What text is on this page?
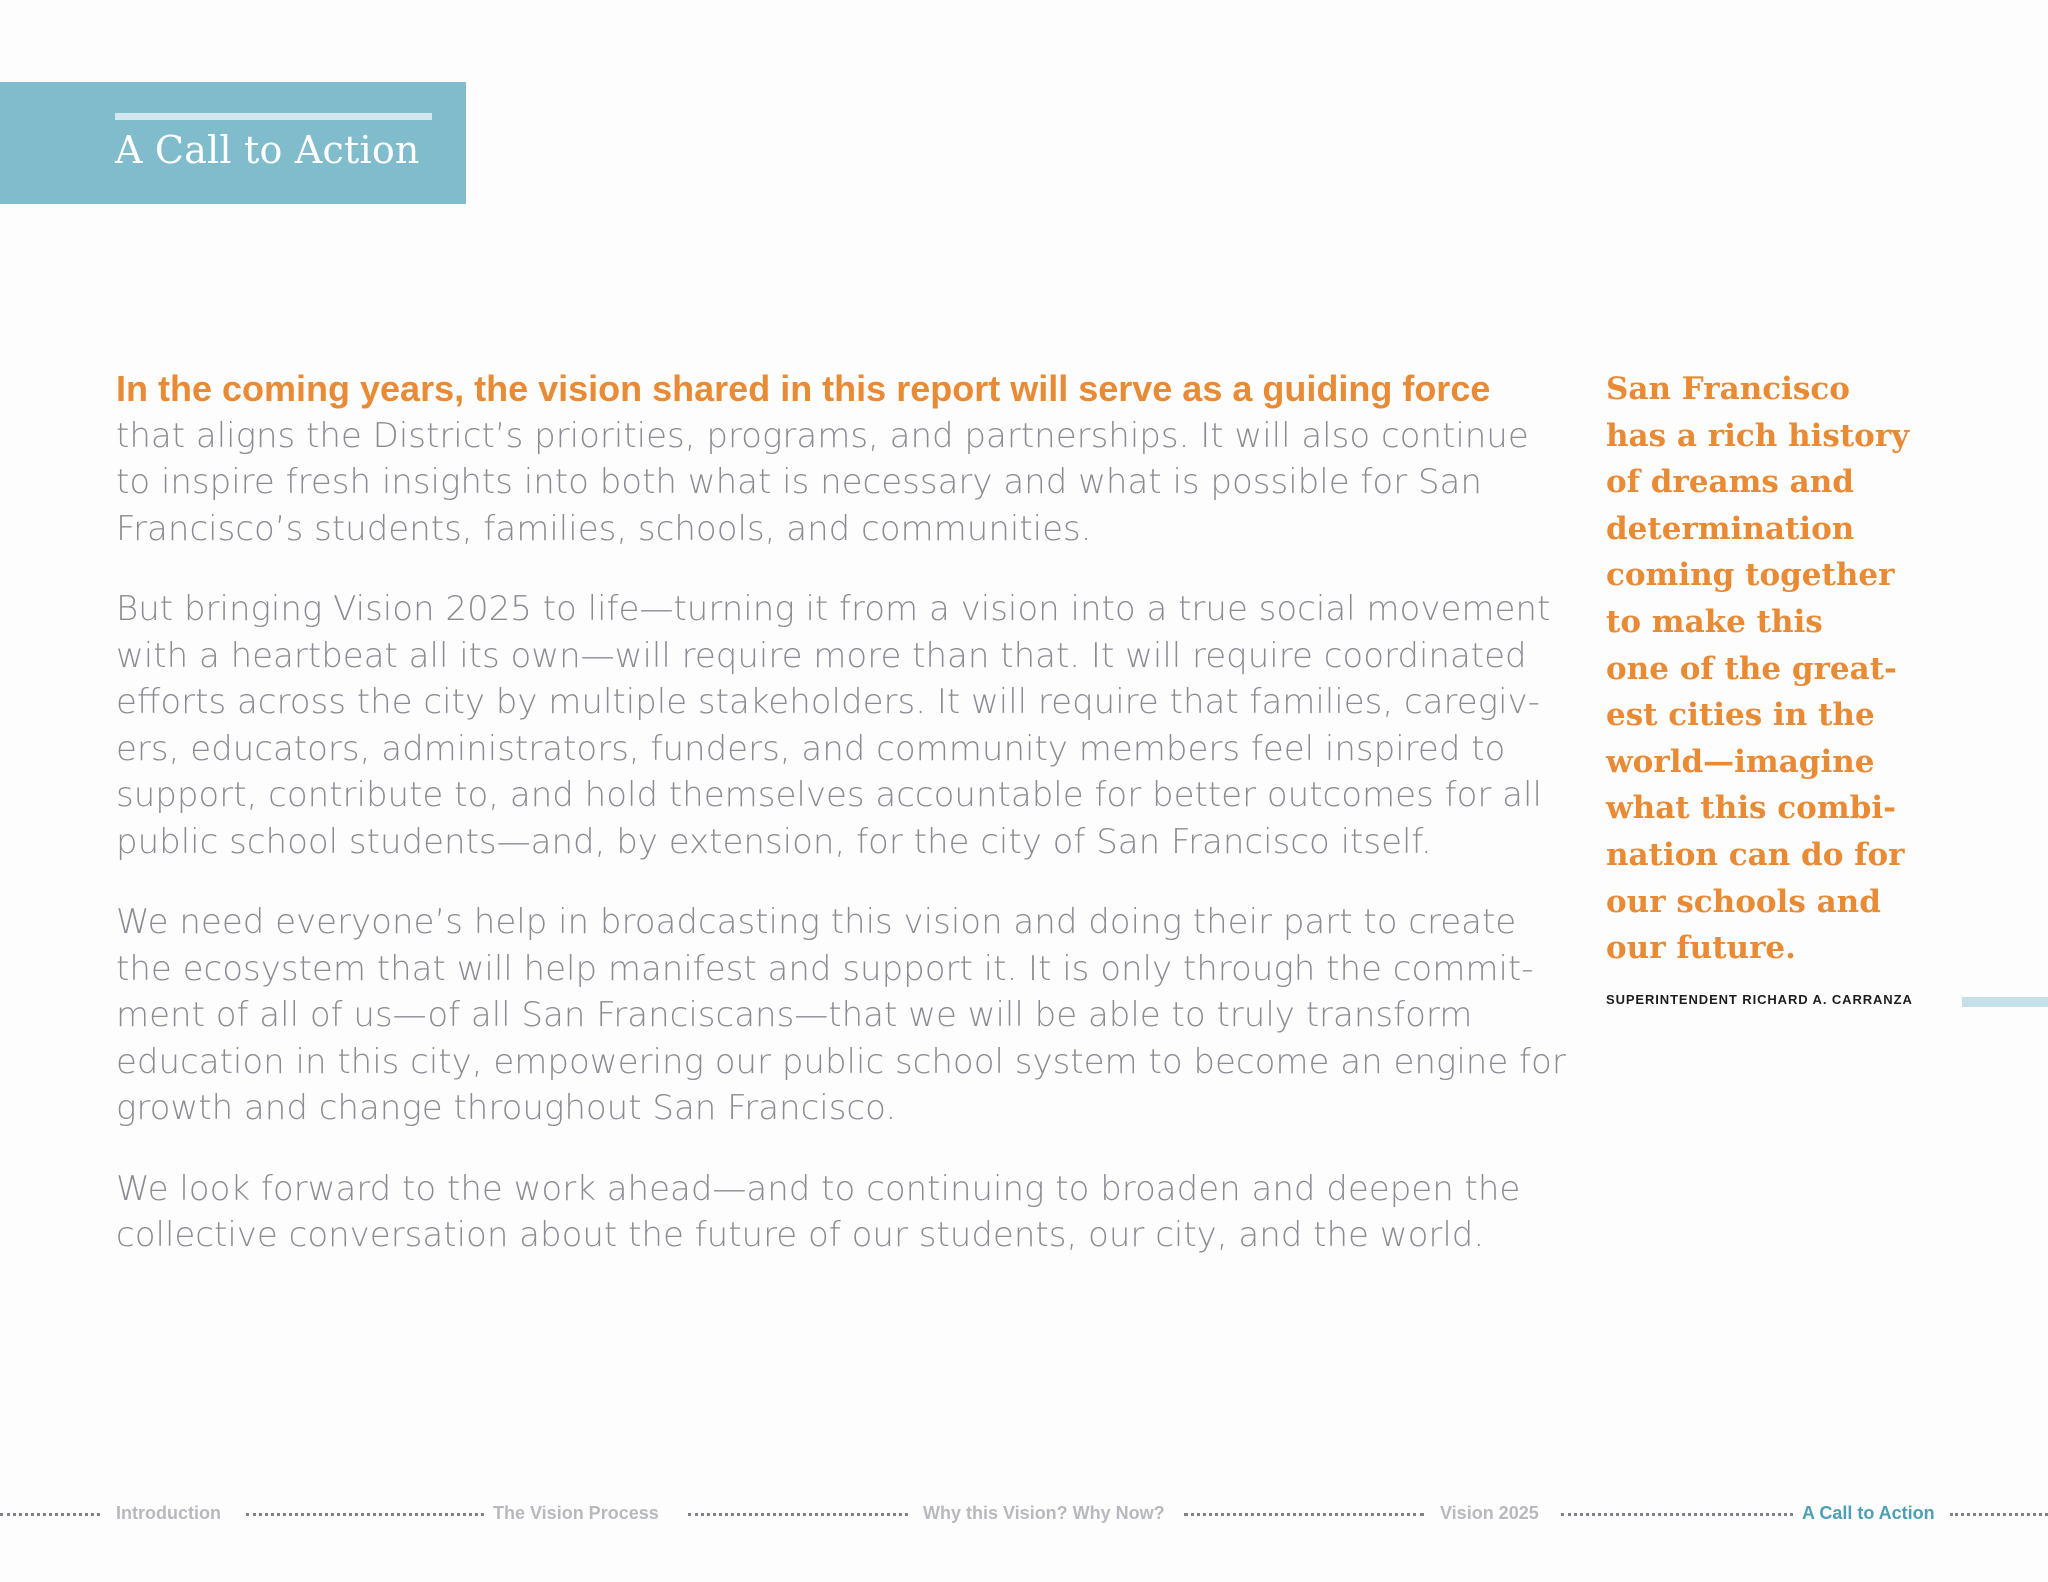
A Call to Action

In the coming years, the vision shared in this report will serve as a guiding force
that aligns the District’s priorities, programs, and partnerships. It will also continue
to inspire fresh insights into both what is necessary and what is possible for San
Francisco’s students, families, schools, and communities.

But bringing Vision 2025 to life—turning it from a vision into a true social movement
with a heartbeat all its own—will require more than that. It will require coordinated
efforts across the city by multiple stakeholders. It will require that families, caregiv-
ers, educators, administrators, funders, and community members feel inspired to
support, contribute to, and hold themselves accountable for better outcomes for all
public school students—and, by extension, for the city of San Francisco itself.

We need everyone’s help in broadcasting this vision and doing their part to create
the ecosystem that will help manifest and support it. It is only through the commit-
ment of all of us—of all San Franciscans—that we will be able to truly transform
education in this city, empowering our public school system to become an engine for
growth and change throughout San Francisco.

We look forward to the work ahead—and to continuing to broaden and deepen the
collective conversation about the future of our students, our city, and the world.

San Francisco
has a rich history
of dreams and
determination
coming together
to make this
one of the great-
est cities in the
world—imagine
what this combi-
nation can do for
our schools and
our future.
SUPERINTENDENT RICHARD A. CARRANZA
Introduction	The Vision Process	Why this Vision? Why Now?	Vision 2025	A Call to Action
